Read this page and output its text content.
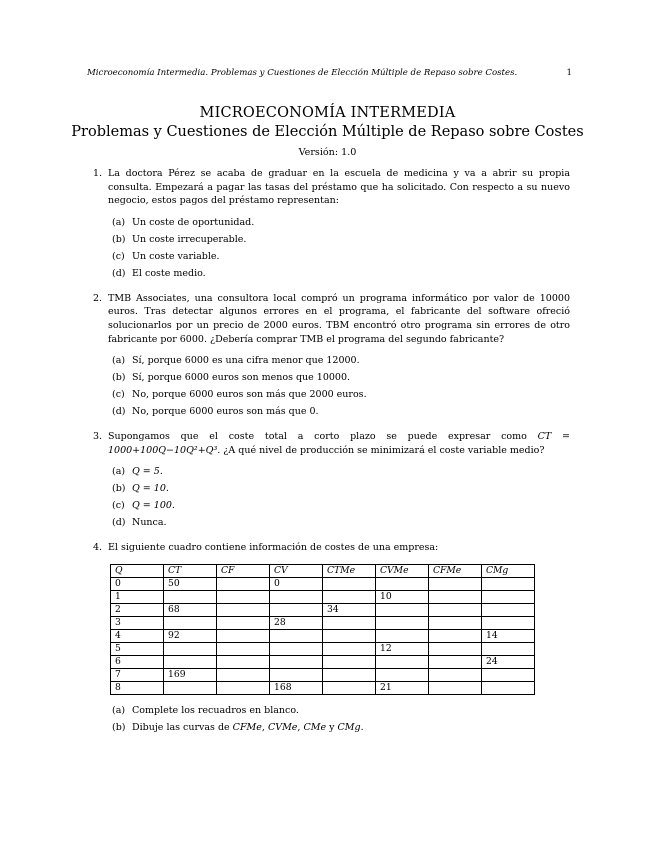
Microeconomía Intermedia. Problemas y Cuestiones de Elección Múltiple de Repaso sobre Costes.	1
MICROECONOMÍA INTERMEDIA
Problemas y Cuestiones de Elección Múltiple de Repaso sobre Costes
Versión: 1.0
1. La doctora Pérez se acaba de graduar en la escuela de medicina y va a abrir su propia consulta. Empezará a pagar las tasas del préstamo que ha solicitado. Con respecto a su nuevo negocio, estos pagos del préstamo representan:
(a) Un coste de oportunidad.
(b) Un coste irrecuperable.
(c) Un coste variable.
(d) El coste medio.
2. TMB Associates, una consultora local compró un programa informático por valor de 10000 euros. Tras detectar algunos errores en el programa, el fabricante del software ofreció solucionarlos por un precio de 2000 euros. TBM encontró otro programa sin errores de otro fabricante por 6000. ¿Debería comprar TMB el programa del segundo fabricante?
(a) Sí, porque 6000 es una cifra menor que 12000.
(b) Sí, porque 6000 euros son menos que 10000.
(c) No, porque 6000 euros son más que 2000 euros.
(d) No, porque 6000 euros son más que 0.
3. Supongamos que el coste total a corto plazo se puede expresar como CT = 1000+100Q−10Q²+Q³. ¿A qué nivel de producción se minimizará el coste variable medio?
(a) Q = 5.
(b) Q = 10.
(c) Q = 100.
(d) Nunca.
4. El siguiente cuadro contiene información de costes de una empresa:
Q	CT	CF	CV	CTMe	CVMe	CFMe	CMg
0	50		0				
1					10		
2	68			34			
3			28				
4	92						14
5					12		
6							24
7	169						
8			168		21		
(a) Complete los recuadros en blanco.
(b) Dibuje las curvas de CFMe, CVMe, CMe y CMg.
